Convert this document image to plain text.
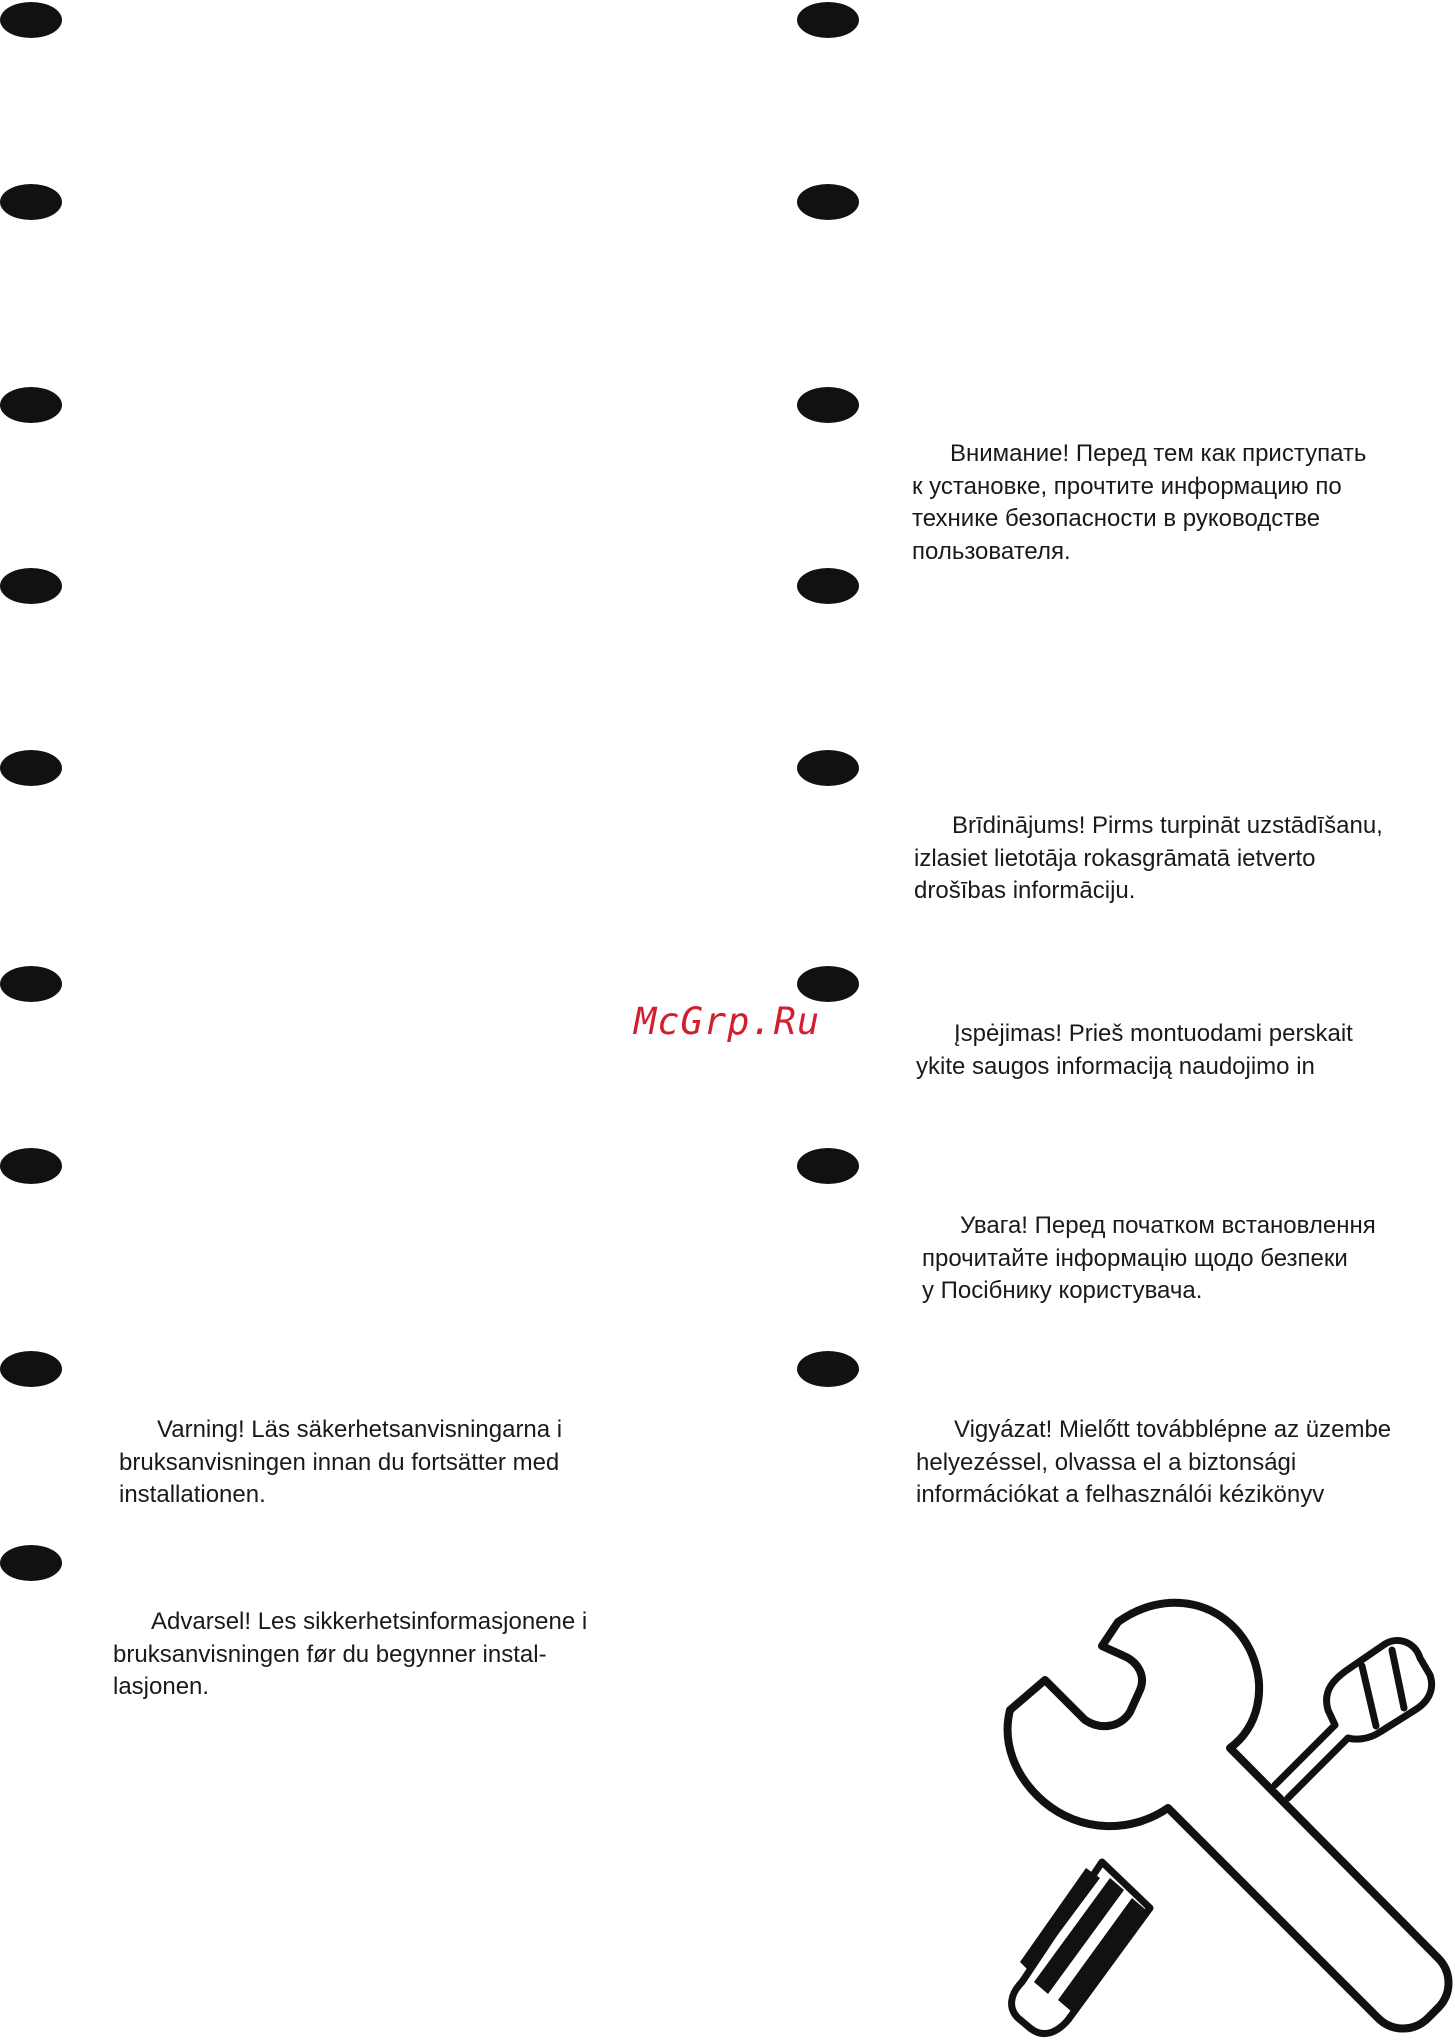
Внимание! Перед тем как приступать
к установке, прочтите информацию по
технике безопасности в руководстве
пользователя.
Brīdinājums! Pirms turpināt uzstādīšanu,
izlasiet lietotāja rokasgrāmatā ietverto
drošības informāciju.
McGrp.Ru	Įspėjimas! Prieš montuodami perskait
ykite saugos informaciją naudojimo in
Увага! Перед початком встановлення
прочитайте інформацію щодо безпеки
у Посібнику користувача.
Varning! Läs säkerhetsanvisningarna i
bruksanvisningen innan du fortsätter med
installationen.
Vigyázat! Mielőtt továbblépne az üzembe
helyezéssel, olvassa el a biztonsági
információkat a felhasználói kézikönyv
Advarsel! Les sikkerhetsinformasjonene i
bruksanvisningen før du begynner instal-
lasjonen.
